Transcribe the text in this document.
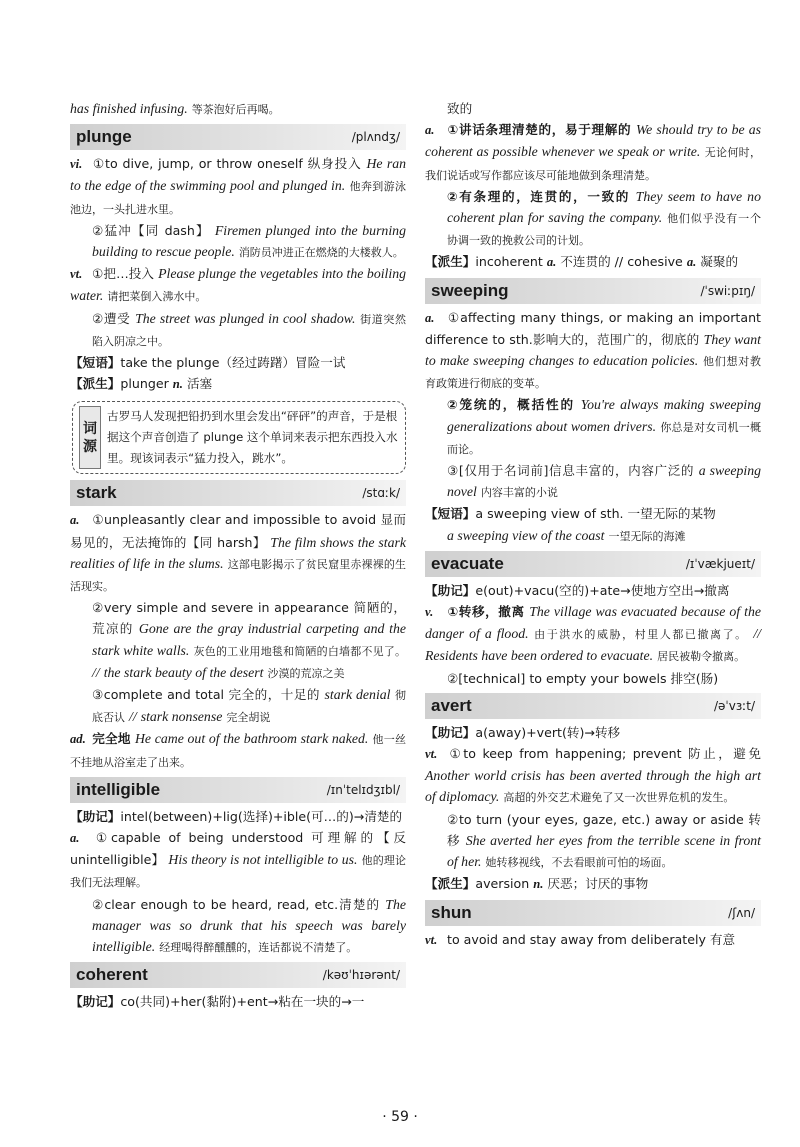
has finished infusing. 等茶泡好后再喝。

plunge	/plʌndʒ/

vi. ①to dive, jump, or throw oneself 纵身投入 He ran to the edge of the swimming pool and plunged in. 他奔到游泳池边，一头扎进水里。

②猛冲【同 dash】 Firemen plunged into the burning building to rescue people. 消防员冲进正在燃烧的大楼救人。

vt. ①把…投入 Please plunge the vegetables into the boiling water. 请把菜倒入沸水中。

②遭受 The street was plunged in cool shadow. 街道突然陷入阴凉之中。

【短语】take the plunge（经过踌躇）冒险一试

【派生】plunger n. 活塞

词源
古罗马人发现把铅扔到水里会发出“砰砰”的声音，于是根据这个声音创造了 plunge 这个单词来表示把东西投入水里。现该词表示“猛力投入，跳水”。
stark	/stɑːk/

a. ①unpleasantly clear and impossible to avoid 显而易见的，无法掩饰的【同 harsh】 The film shows the stark realities of life in the slums. 这部电影揭示了贫民窟里赤裸裸的生活现实。

②very simple and severe in appearance 简陋的，荒凉的 Gone are the gray industrial carpeting and the stark white walls. 灰色的工业用地毯和简陋的白墙都不见了。 // the stark beauty of the desert 沙漠的荒凉之美

③complete and total 完全的，十足的 stark denial 彻底否认 // stark nonsense 完全胡说

ad. 完全地 He came out of the bathroom stark naked. 他一丝不挂地从浴室走了出来。

intelligible	/ɪnˈtelɪdʒɪbl/

【助记】intel(between)+lig(选择)+ible(可…的)→清楚的

a. ①capable of being understood 可理解的【反 unintelligible】 His theory is not intelligible to us. 他的理论我们无法理解。

②clear enough to be heard, read, etc.清楚的 The manager was so drunk that his speech was barely intelligible. 经理喝得醉醺醺的，连话都说不清楚了。

coherent	/kəʊˈhɪərənt/

【助记】co(共同)+her(黏附)+ent→粘在一块的→一

致的

a. ①讲话条理清楚的，易于理解的 We should try to be as coherent as possible whenever we speak or write. 无论何时，我们说话或写作都应该尽可能地做到条理清楚。

②有条理的，连贯的，一致的 They seem to have no coherent plan for saving the company. 他们似乎没有一个协调一致的挽救公司的计划。

【派生】incoherent a. 不连贯的 // cohesive a. 凝聚的

sweeping	/ˈswiːpɪŋ/

a. ①affecting many things, or making an important difference to sth.影响大的，范围广的，彻底的 They want to make sweeping changes to education policies. 他们想对教育政策进行彻底的变革。

②笼统的，概括性的 You're always making sweeping generalizations about women drivers. 你总是对女司机一概而论。

③[仅用于名词前]信息丰富的，内容广泛的 a sweeping novel 内容丰富的小说

【短语】a sweeping view of sth. 一望无际的某物

a sweeping view of the coast 一望无际的海滩

evacuate	/ɪˈvækjueɪt/

【助记】e(out)+vacu(空的)+ate→使地方空出→撤离

v. ①转移，撤离 The village was evacuated because of the danger of a flood. 由于洪水的威胁，村里人都已撤离了。 // Residents have been ordered to evacuate. 居民被勒令撤离。

②[technical] to empty your bowels 排空(肠)

avert	/əˈvɜːt/

【助记】a(away)+vert(转)→转移

vt. ①to keep from happening; prevent 防止，避免 Another world crisis has been averted through the high art of diplomacy. 高超的外交艺术避免了又一次世界危机的发生。

②to turn (your eyes, gaze, etc.) away or aside 转移 She averted her eyes from the terrible scene in front of her. 她转移视线，不去看眼前可怕的场面。

【派生】aversion n. 厌恶；讨厌的事物

shun	/ʃʌn/

vt. to avoid and stay away from deliberately 有意

· 59 ·
